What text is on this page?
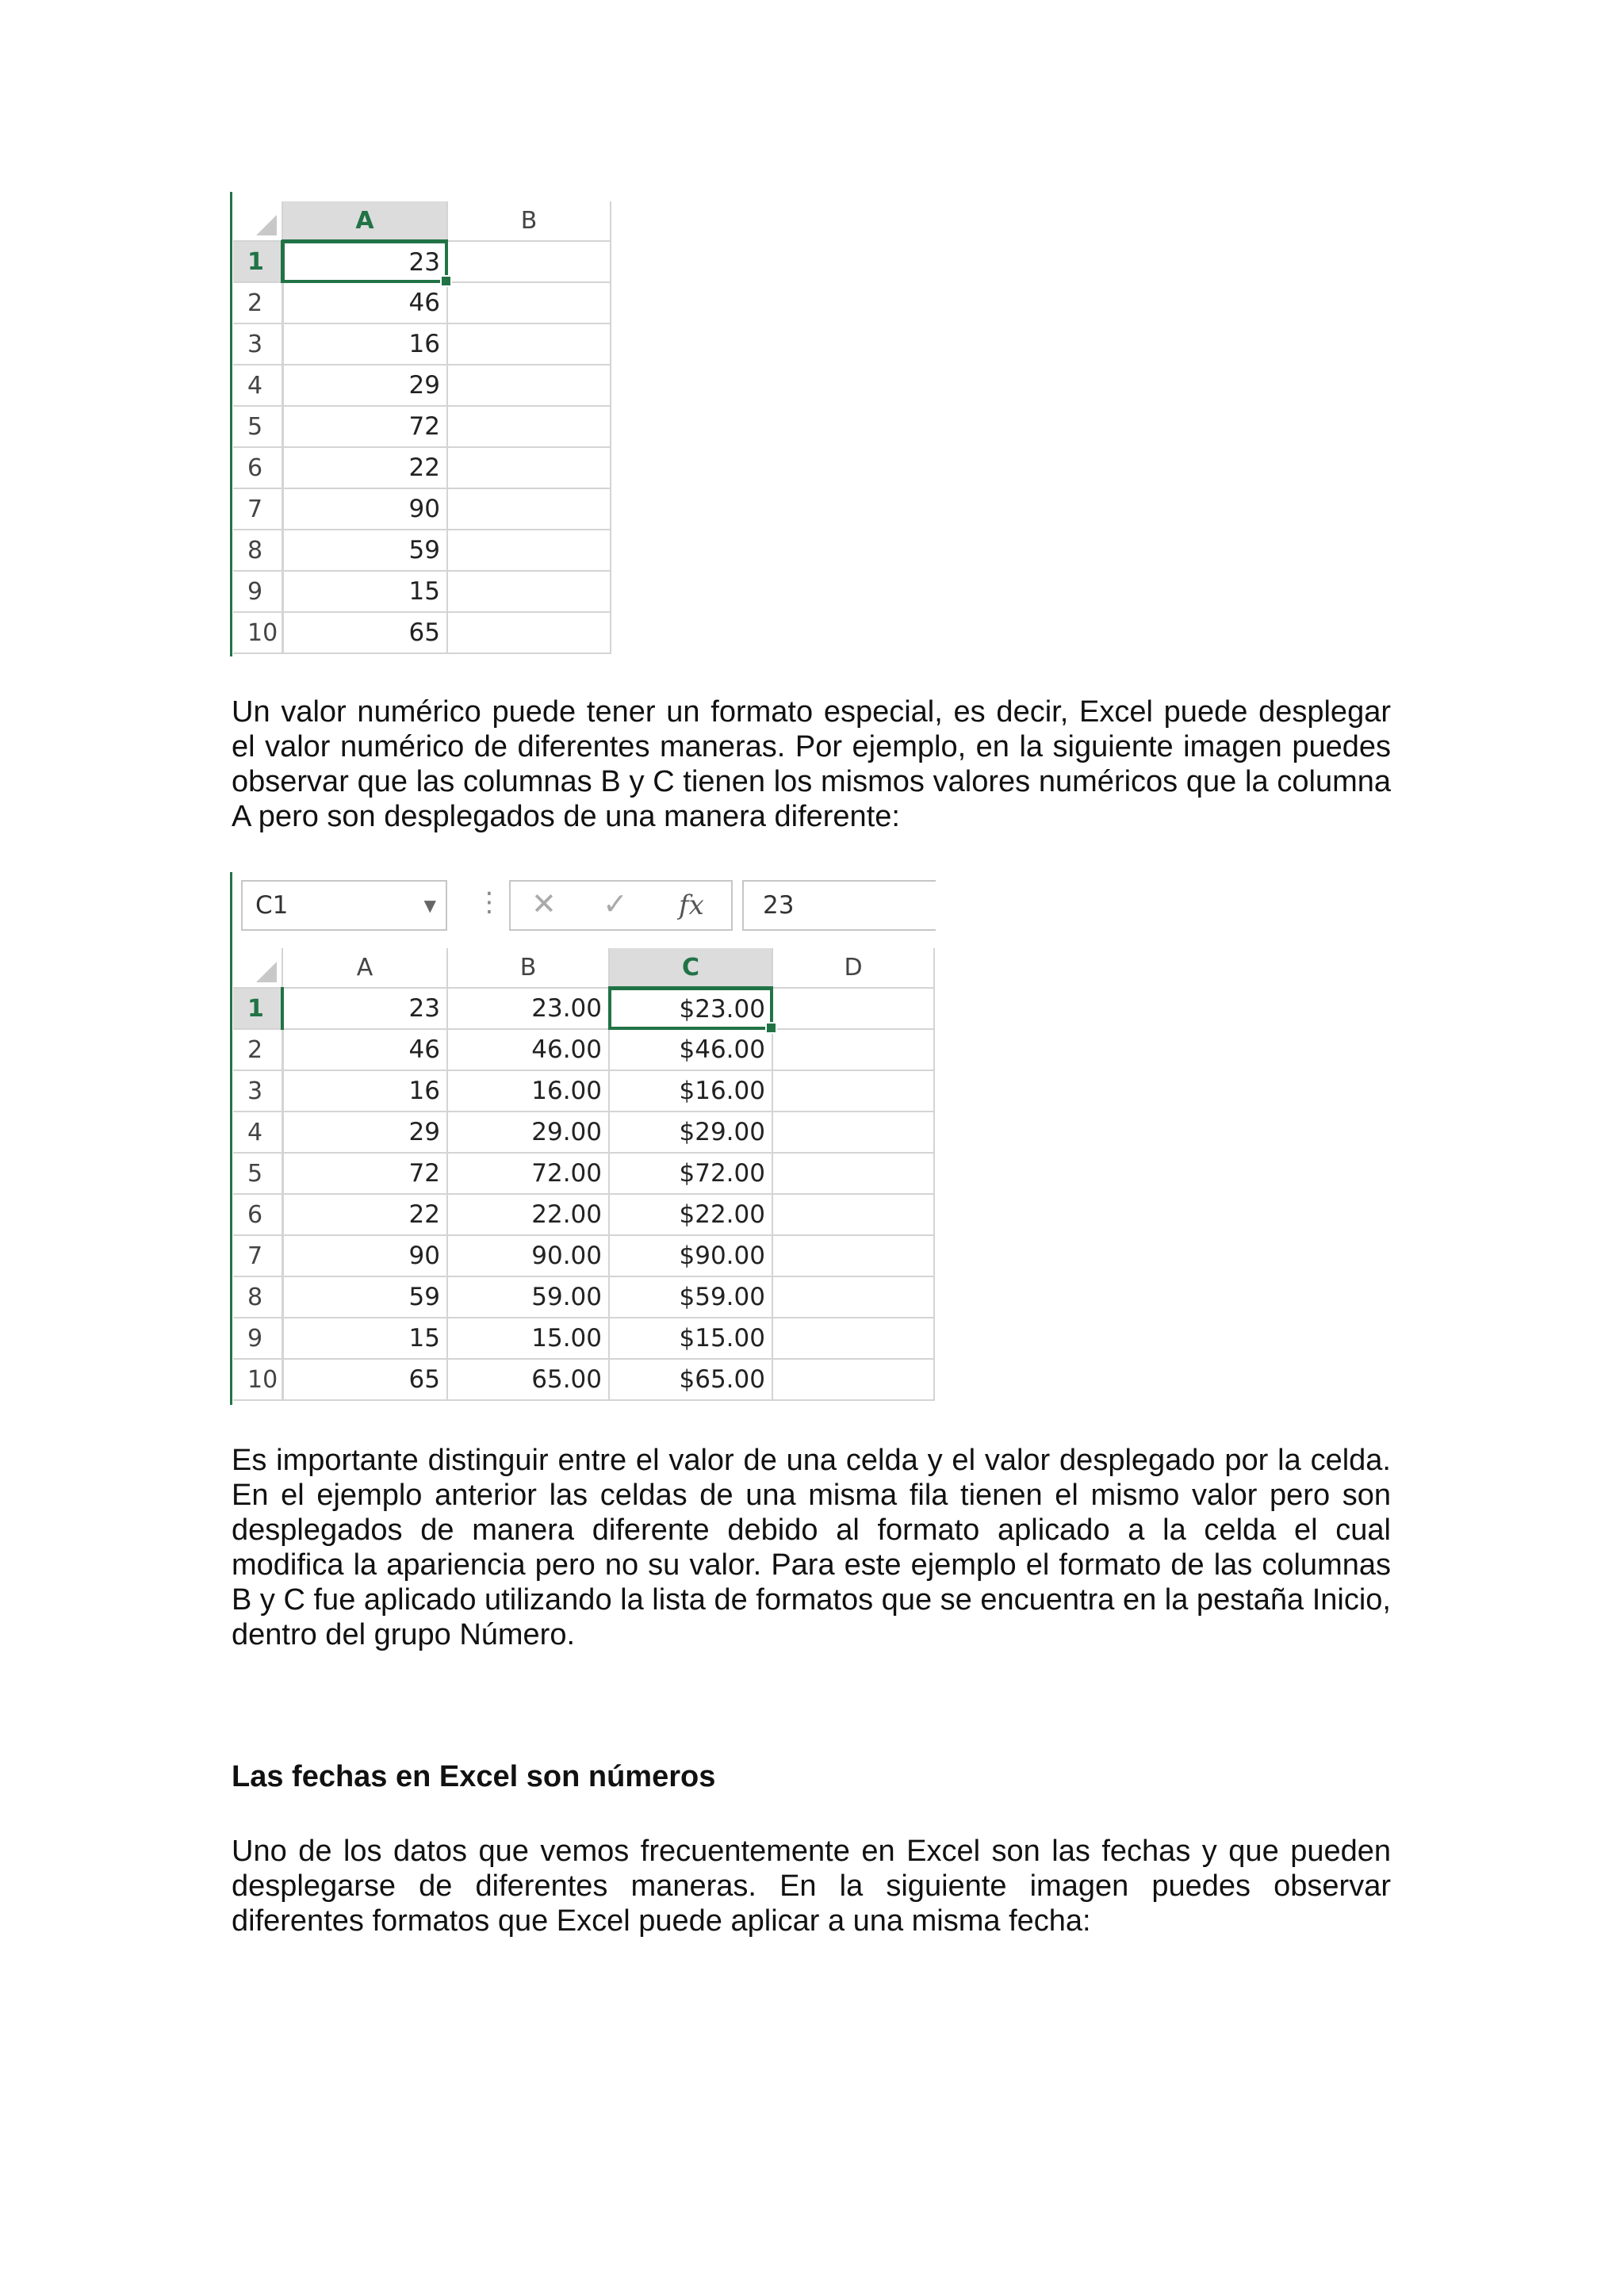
	A	B
1	23	
2	46	
3	16	
4	29	
5	72	
6	22	
7	90	
8	59	
9	15	
10	65	

Un valor numérico puede tener un formato especial, es decir, Excel puede desplegar el valor numérico de diferentes maneras. Por ejemplo, en la siguiente imagen puedes observar que las columnas B y C tienen los mismos valores numéricos que la columna A pero son desplegados de una manera diferente:

C1	▼ ⋮ ✕ ✓ fx	23
	A	B	C	D
1	23	23.00	$23.00	
2	46	46.00	$46.00	
3	16	16.00	$16.00	
4	29	29.00	$29.00	
5	72	72.00	$72.00	
6	22	22.00	$22.00	
7	90	90.00	$90.00	
8	59	59.00	$59.00	
9	15	15.00	$15.00	
10	65	65.00	$65.00	

Es importante distinguir entre el valor de una celda y el valor desplegado por la celda. En el ejemplo anterior las celdas de una misma fila tienen el mismo valor pero son desplegados de manera diferente debido al formato aplicado a la celda el cual modifica la apariencia pero no su valor. Para este ejemplo el formato de las columnas B y C fue aplicado utilizando la lista de formatos que se encuentra en la pestaña Inicio, dentro del grupo Número.

Las fechas en Excel son números

Uno de los datos que vemos frecuentemente en Excel son las fechas y que pueden desplegarse de diferentes maneras. En la siguiente imagen puedes observar diferentes formatos que Excel puede aplicar a una misma fecha:
